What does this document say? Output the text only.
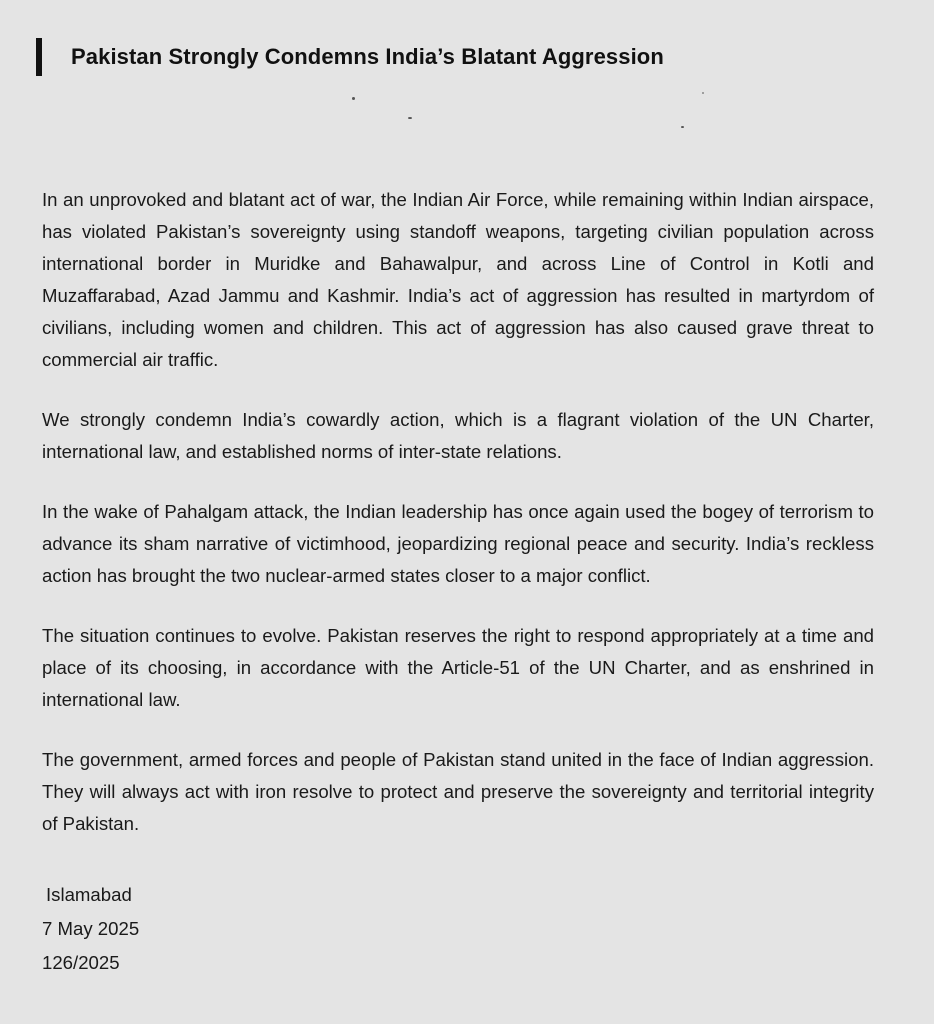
Pakistan Strongly Condemns India’s Blatant Aggression

In an unprovoked and blatant act of war, the Indian Air Force, while remaining within Indian airspace, has violated Pakistan’s sovereignty using standoff weapons, targeting civilian population across international border in Muridke and Bahawalpur, and across Line of Control in Kotli and Muzaffarabad, Azad Jammu and Kashmir. India’s act of aggression has resulted in martyrdom of civilians, including women and children. This act of aggression has also caused grave threat to commercial air traffic.

We strongly condemn India’s cowardly action, which is a flagrant violation of the UN Charter, international law, and established norms of inter-state relations.

In the wake of Pahalgam attack, the Indian leadership has once again used the bogey of terrorism to advance its sham narrative of victimhood, jeopardizing regional peace and security. India’s reckless action has brought the two nuclear-armed states closer to a major conflict.

The situation continues to evolve. Pakistan reserves the right to respond appropriately at a time and place of its choosing, in accordance with the Article-51 of the UN Charter, and as enshrined in international law.

The government, armed forces and people of Pakistan stand united in the face of Indian aggression. They will always act with iron resolve to protect and preserve the sovereignty and territorial integrity of Pakistan.

Islamabad
7 May 2025
126/2025
